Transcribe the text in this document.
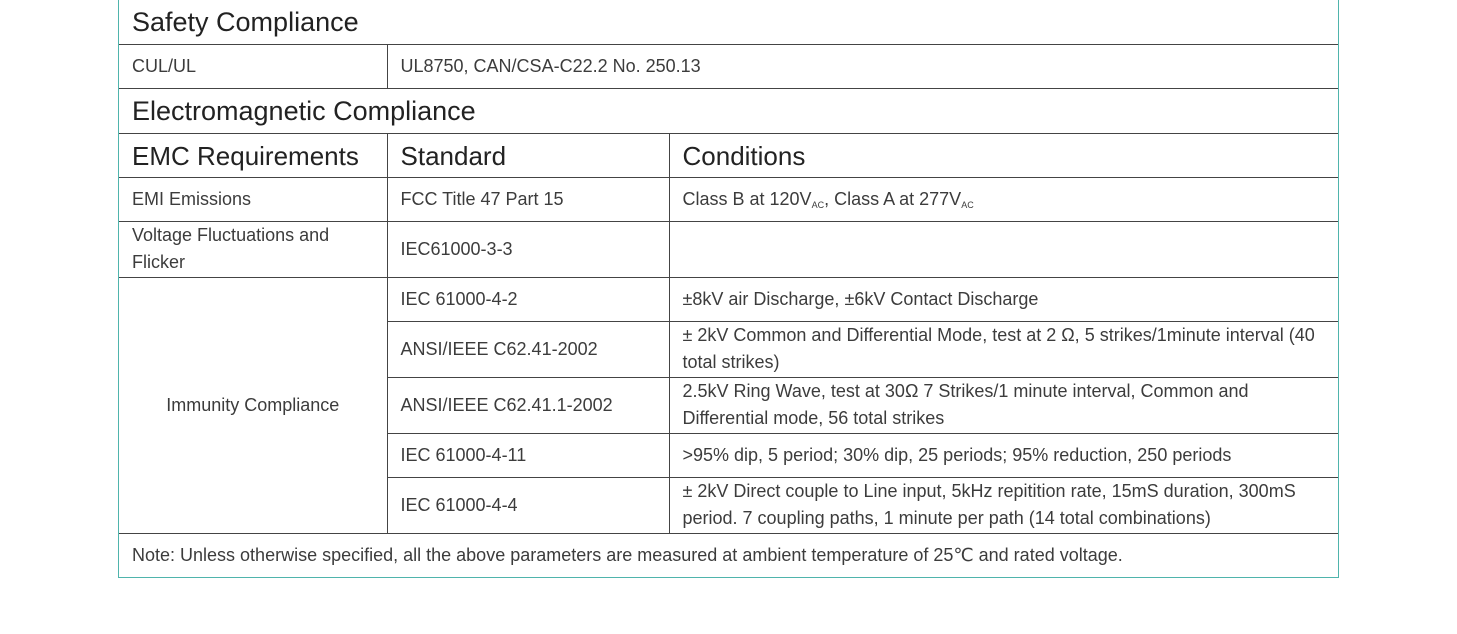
Safety Compliance		
CUL/UL	UL8750, CAN/CSA-C22.2 No. 250.13	
Electromagnetic Compliance		
EMC Requirements	Standard	Conditions
EMI Emissions	FCC Title 47 Part 15	Class B at $120V_{AC}$, Class A at $277V_{AC}$
Voltage Fluctuations and Flicker	IEC61000-3-3	
Immunity Compliance	IEC 61000-4-2	±8kV air Discharge, ±6kV Contact Discharge
	ANSI/IEEE C62.41-2002	± 2kV Common and Differential Mode, test at 2 Ω, 5 strikes/1minute interval (40 total strikes)
	ANSI/IEEE C62.41.1-2002	2.5kV Ring Wave, test at 30Ω 7 Strikes/1 minute interval, Common and Differential mode, 56 total strikes
	IEC 61000-4-11	>95% dip, 5 period; 30% dip, 25 periods; 95% reduction, 250 periods
	IEC 61000-4-4	± 2kV Direct couple to Line input, 5kHz repitition rate, 15mS duration, 300mS period. 7 coupling paths, 1 minute per path (14 total combinations)
Note: Unless otherwise specified, all the above parameters are measured at ambient temperature of 25℃ and rated voltage.		
